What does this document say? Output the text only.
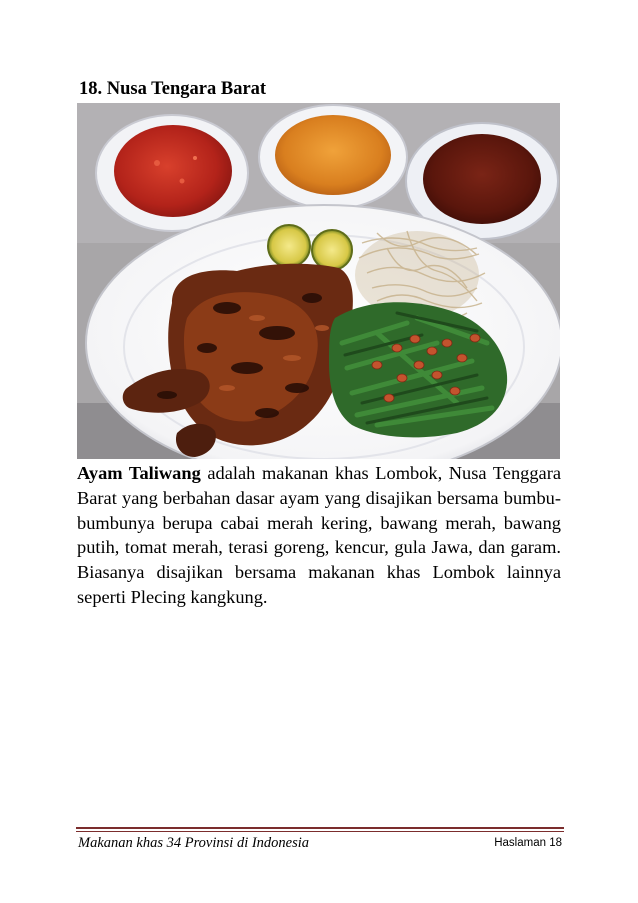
18. Nusa Tengara Barat

Ayam Taliwang adalah makanan khas Lombok, Nusa Tenggara Barat yang berbahan dasar ayam yang disajikan bersama bumbu-bumbunya berupa cabai merah kering, bawang merah, bawang putih, tomat merah, terasi goreng, kencur, gula Jawa, dan garam. Biasanya disajikan bersama makanan khas Lombok lainnya seperti Plecing kangkung.

Makanan khas 34 Provinsi di Indonesia	Haslaman 18
